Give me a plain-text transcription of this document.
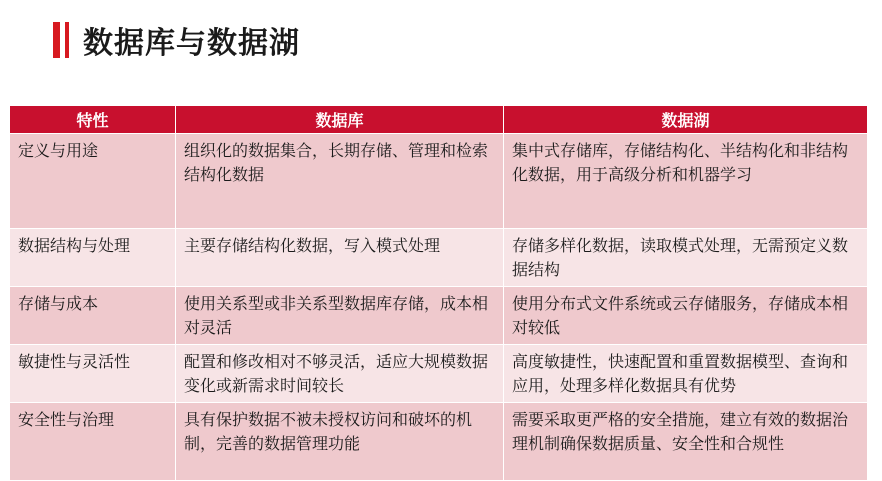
数据库与数据湖
特性	数据库	数据湖
定义与用途	组织化的数据集合，长期存储、管理和检索结构化数据	集中式存储库，存储结构化、半结构化和非结构化数据，用于高级分析和机器学习
数据结构与处理	主要存储结构化数据，写入模式处理	存储多样化数据，读取模式处理，无需预定义数据结构
存储与成本	使用关系型或非关系型数据库存储，成本相对灵活	使用分布式文件系统或云存储服务，存储成本相对较低
敏捷性与灵活性	配置和修改相对不够灵活，适应大规模数据变化或新需求时间较长	高度敏捷性，快速配置和重置数据模型、查询和应用，处理多样化数据具有优势
安全性与治理	具有保护数据不被未授权访问和破坏的机制，完善的数据管理功能	需要采取更严格的安全措施，建立有效的数据治理机制确保数据质量、安全性和合规性
